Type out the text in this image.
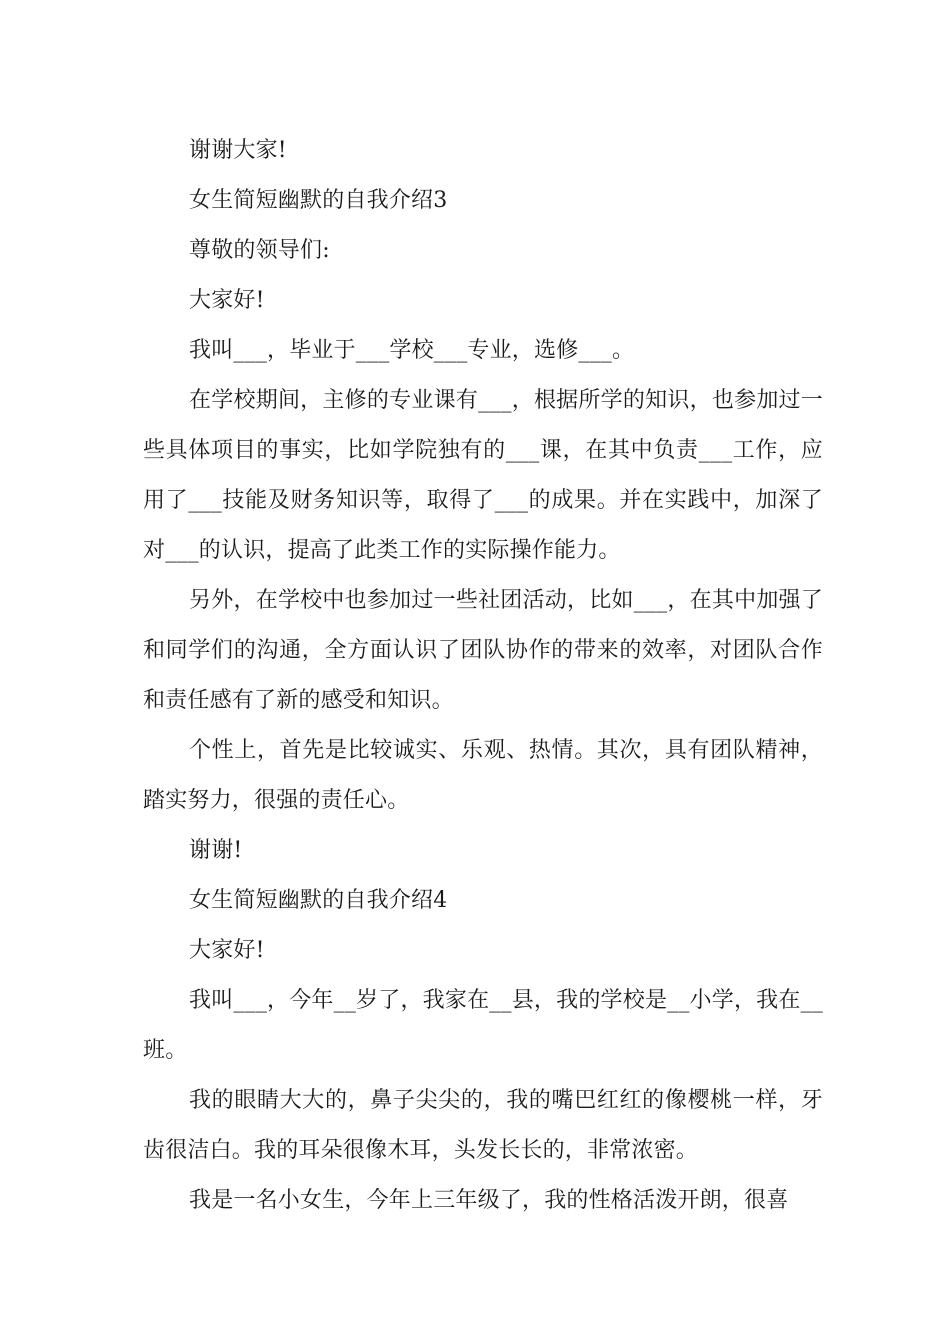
谢谢大家!

女生简短幽默的自我介绍3

尊敬的领导们:

大家好!

我叫___，毕业于___学校___专业，选修___。

在学校期间，主修的专业课有___，根据所学的知识，也参加过一些具体项目的事实，比如学院独有的___课，在其中负责___工作，应用了___技能及财务知识等，取得了___的成果。并在实践中，加深了对___的认识，提高了此类工作的实际操作能力。

另外，在学校中也参加过一些社团活动，比如___，在其中加强了和同学们的沟通，全方面认识了团队协作的带来的效率，对团队合作和责任感有了新的感受和知识。

个性上，首先是比较诚实、乐观、热情。其次，具有团队精神，踏实努力，很强的责任心。

谢谢!

女生简短幽默的自我介绍4

大家好!

我叫___，今年__岁了，我家在__县，我的学校是__小学，我在__班。

我的眼睛大大的，鼻子尖尖的，我的嘴巴红红的像樱桃一样，牙齿很洁白。我的耳朵很像木耳，头发长长的，非常浓密。

我是一名小女生，今年上三年级了，我的性格活泼开朗，很喜
